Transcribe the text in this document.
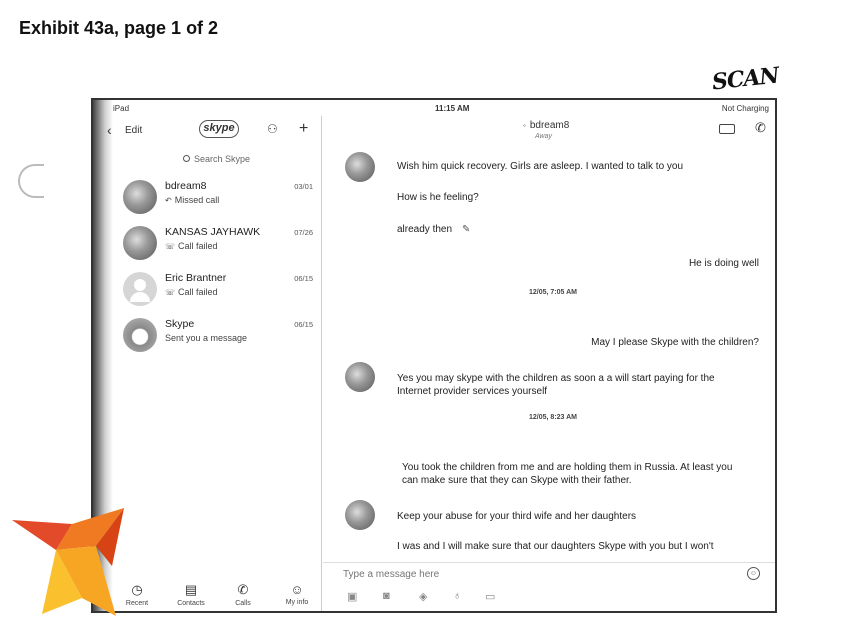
Exhibit 43a, page 1 of 2
SCAN
iPad	11:15 AM	Not Charging
‹ Edit	skype	⚇ +
Search Skype
bdream8
↶ Missed call
03/01
KANSAS JAYHAWK
☏ Call failed
07/26
Eric Brantner
☏ Call failed
06/15
Skype
Sent you a message
06/15
◷
Recent
▤
Contacts
✆
Calls
☺
My info
◦ bdream8
Away
✆
Wish him quick recovery. Girls are asleep. I wanted to talk to you
How is he feeling?
already then ✎
He is doing well
12/05, 7:05 AM
May I please Skype with the children?
Yes you may skype with the children as soon a a will start paying for the
Internet provider services yourself
12/05, 8:23 AM
You took the children from me and are holding them in Russia. At least you
can make sure that they can Skype with their father.
Keep your abuse for your third wife and her daughters
I was and I will make sure that our daughters Skype with you but I won't
Type a message here
☺
▣ ◙	◈ ♁ ▭
